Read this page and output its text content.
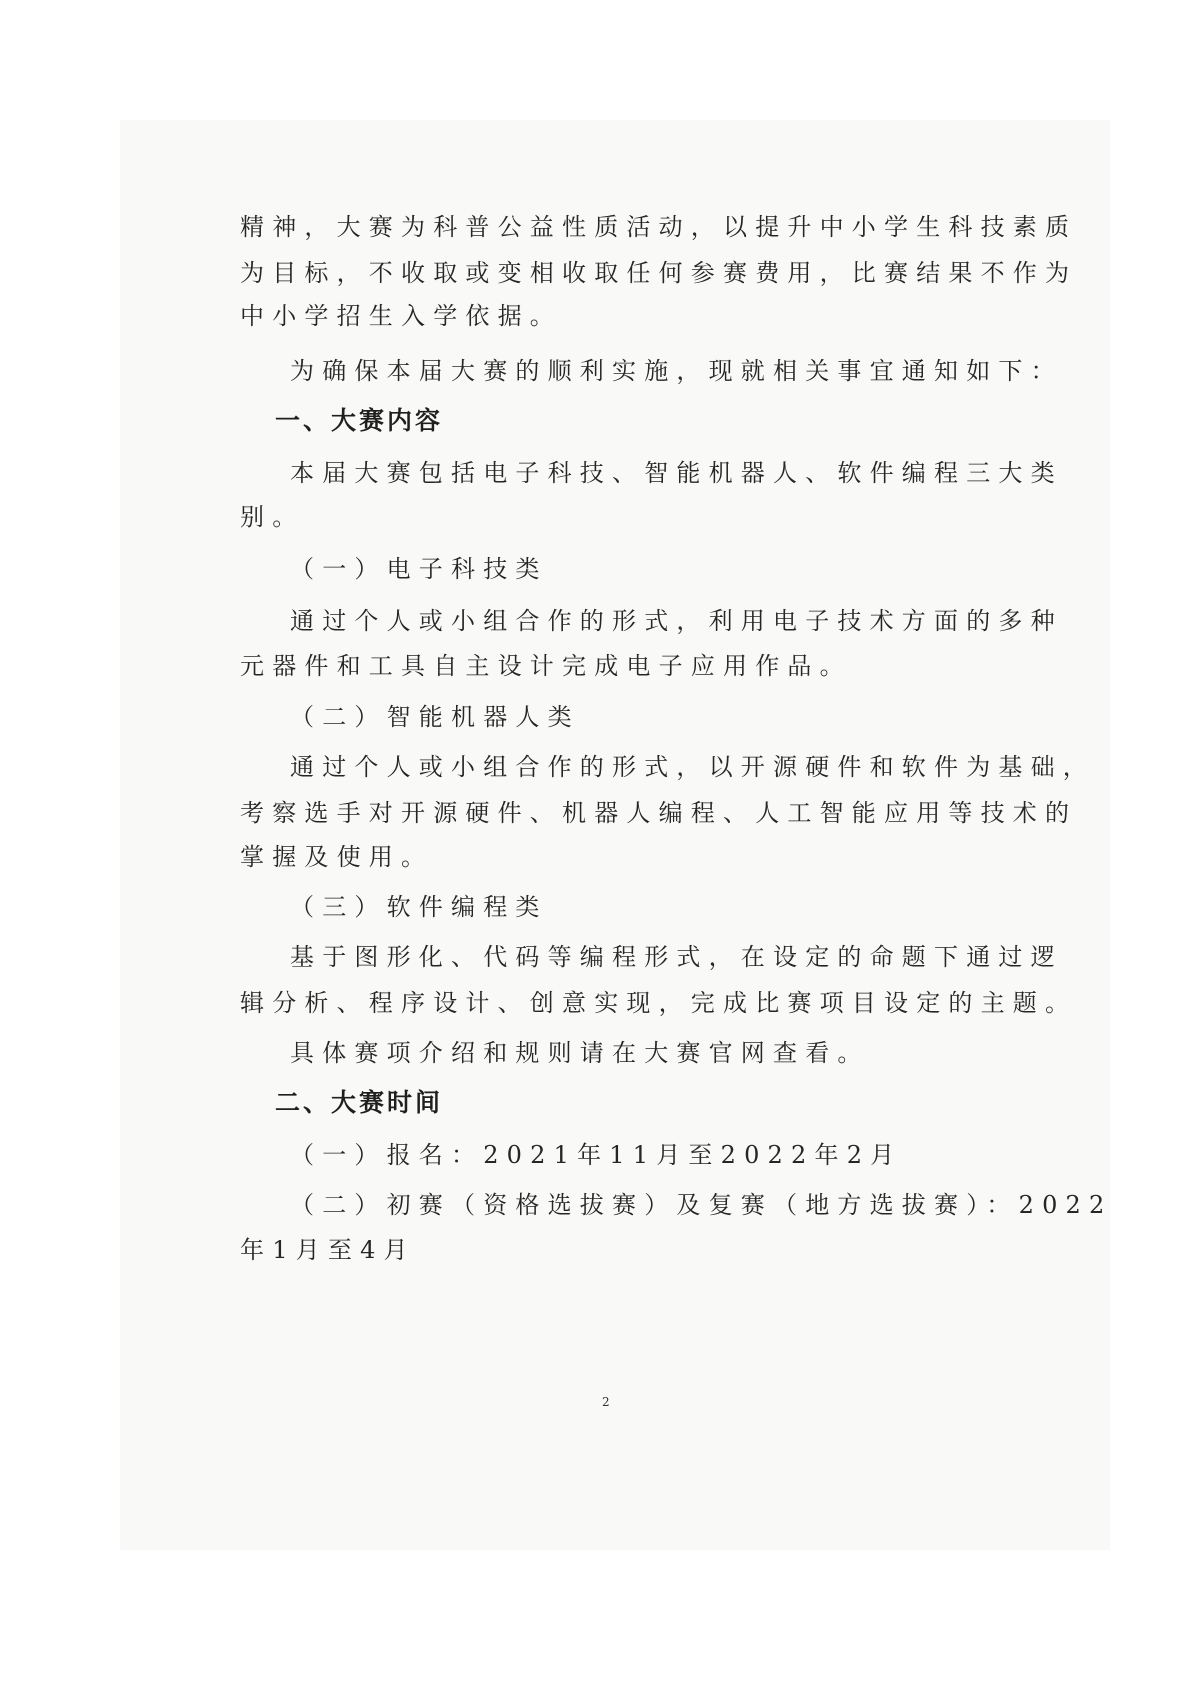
精神，大赛为科普公益性质活动，以提升中小学生科技素质
为目标，不收取或变相收取任何参赛费用，比赛结果不作为
中小学招生入学依据。
为确保本届大赛的顺利实施，现就相关事宜通知如下：
一、大赛内容
本届大赛包括电子科技、智能机器人、软件编程三大类
别。
（一）电子科技类
通过个人或小组合作的形式，利用电子技术方面的多种
元器件和工具自主设计完成电子应用作品。
（二）智能机器人类
通过个人或小组合作的形式，以开源硬件和软件为基础，
考察选手对开源硬件、机器人编程、人工智能应用等技术的
掌握及使用。
（三）软件编程类
基于图形化、代码等编程形式，在设定的命题下通过逻
辑分析、程序设计、创意实现，完成比赛项目设定的主题。
具体赛项介绍和规则请在大赛官网查看。
二、大赛时间
（一）报名：2021年11月至2022年2月
（二）初赛（资格选拔赛）及复赛（地方选拔赛）：2022
年1月至4月
2
